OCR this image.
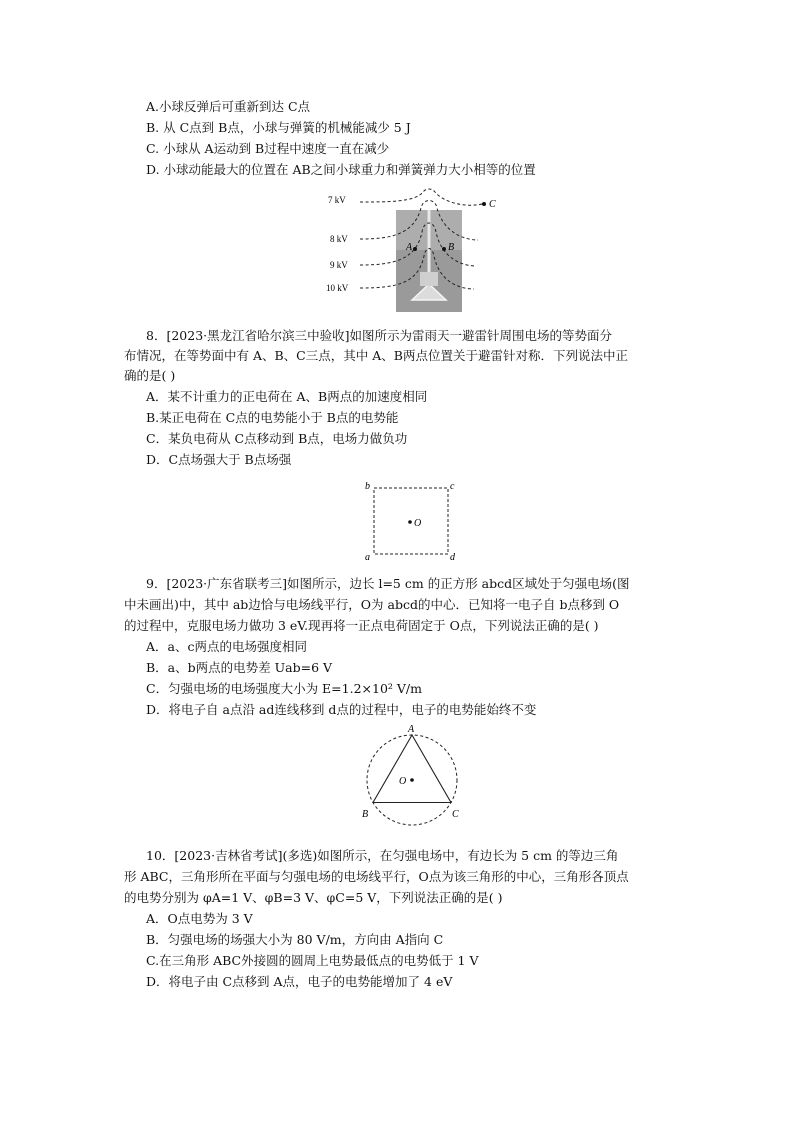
A.小球反弹后可重新到达 C点
B. 从 C点到 B点，小球与弹簧的机械能减少 5 J
C. 小球从 A运动到 B过程中速度一直在减少
D. 小球动能最大的位置在 AB之间小球重力和弹簧弹力大小相等的位置
7 kV
8 kV
9 kV
10 kV
A	B
C
8．[2023·黑龙江省哈尔滨三中验收]如图所示为雷雨天一避雷针周围电场的等势面分
布情况，在等势面中有 A、B、C三点，其中 A、B两点位置关于避雷针对称．下列说法中正
确的是( )
A．某不计重力的正电荷在 A、B两点的加速度相同
B.某正电荷在 C点的电势能小于 B点的电势能
C．某负电荷从 C点移动到 B点，电场力做负功
D．C点场强大于 B点场强
O
b	c
a	d
9．[2023·广东省联考三]如图所示，边长 l=5 cm 的正方形 abcd区域处于匀强电场(图
中未画出)中，其中 ab边恰与电场线平行，O为 abcd的中心．已知将一电子自 b点移到 O
的过程中，克服电场力做功 3 eV.现再将一正点电荷固定于 O点，下列说法正确的是( )
A．a、c两点的电场强度相同
B．a、b两点的电势差 Uab=6 V
C．匀强电场的电场强度大小为 E=1.2×10² V/m
D．将电子自 a点沿 ad连线移到 d点的过程中，电子的电势能始终不变
O
A
B	C
10．[2023·吉林省考试](多选)如图所示，在匀强电场中，有边长为 5 cm 的等边三角
形 ABC，三角形所在平面与匀强电场的电场线平行，O点为该三角形的中心，三角形各顶点
的电势分别为 φA=1 V、φB=3 V、φC=5 V，下列说法正确的是( )
A．O点电势为 3 V
B．匀强电场的场强大小为 80 V/m，方向由 A指向 C
C.在三角形 ABC外接圆的圆周上电势最低点的电势低于 1 V
D．将电子由 C点移到 A点，电子的电势能增加了 4 eV
